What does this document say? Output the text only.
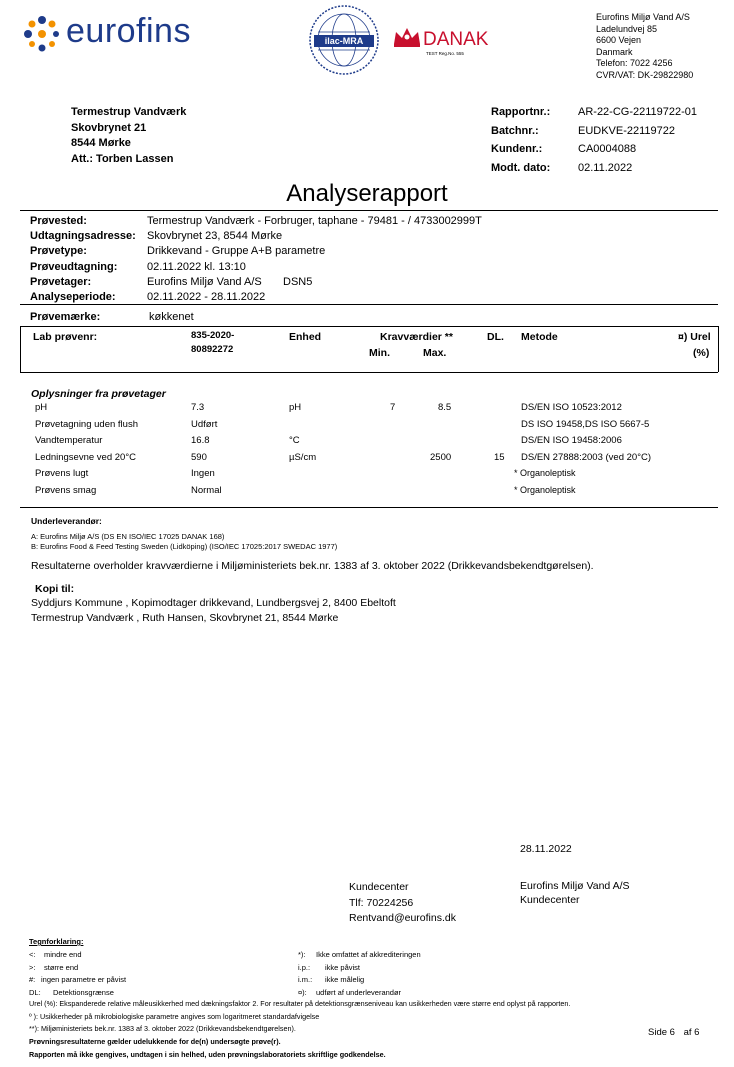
eurofins	ilac-MRA	DANAK
TEST Reg.No. 555
Eurofins Miljø Vand A/S
Ladelundvej 85
6600 Vejen
Danmark
Telefon: 7022 4256
CVR/VAT: DK-29822980
Termestrup Vandværk
Skovbrynet 21
8544 Mørke
Att.: Torben Lassen
Rapportnr.:	AR-22-CG-22119722-01
Batchnr.:	EUDKVE-22119722
Kundenr.:	CA0004088
Modt. dato:	02.11.2022
Analyserapport
Prøvested:	Termestrup Vandværk - Forbruger, taphane - 79481 - / 4733002999T
Udtagningsadresse: Skovbrynet 23, 8544 Mørke
Prøvetype:	Drikkevand - Gruppe A+B parametre
Prøveudtagning:	02.11.2022 kl. 13:10
Prøvetager:	Eurofins Miljø Vand A/S DSN5
Analyseperiode:	02.11.2022 - 28.11.2022
Prøvemærke:	køkkenet
Lab prøvenr:	835-2020-
80892272
Enhed	Kravværdier **
Min.	Max.
DL. Metode	¤) Urel
(%)
Oplysninger fra prøvetager
pH	7.3	pH	7	8.5	DS/EN ISO 10523:2012
Prøvetagning uden flush	Udført	DS ISO 19458,DS ISO 5667-5
Vandtemperatur	16.8	°C	DS/EN ISO 19458:2006
Ledningsevne ved 20°C	590	µS/cm	2500	15 DS/EN 27888:2003 (ved 20°C)
Prøvens lugt	Ingen	* Organoleptisk
Prøvens smag	Normal	* Organoleptisk
Underleverandør:
A: Eurofins Miljø A/S (DS EN ISO/IEC 17025 DANAK 168)
B: Eurofins Food & Feed Testing Sweden (Lidköping) (ISO/IEC 17025:2017 SWEDAC 1977)
Resultaterne overholder kravværdierne i Miljøministeriets bek.nr. 1383 af 3. oktober 2022 (Drikkevandsbekendtgørelsen).
Kopi til:
Syddjurs Kommune , Kopimodtager drikkevand, Lundbergsvej 2, 8400 Ebeltoft
Termestrup Vandværk , Ruth Hansen, Skovbrynet 21, 8544 Mørke
28.11.2022
Kundecenter
Tlf: 70224256
Rentvand@eurofins.dk
Eurofins Miljø Vand A/S
Kundecenter
Tegnforklaring:
<: mindre end
>: større end
#: ingen parametre er påvist
DL: Detektionsgrænse
*): Ikke omfattet af akkrediteringen
i.p.: ikke påvist
i.m.: ikke målelig
¤): udført af underleverandør
Urel (%): Ekspanderede relative måleusikkerhed med dækningsfaktor 2. For resultater på detektionsgrænseniveau kan usikkerheden være større end oplyst på rapporten.
º ): Usikkerheder på mikrobiologiske parametre angives som logaritmeret standardafvigelse
**): Miljøministeriets bek.nr. 1383 af 3. oktober 2022 (Drikkevandsbekendtgørelsen).
Prøvningsresultaterne gælder udelukkende for de(n) undersøgte prøve(r).
Rapporten må ikke gengives, undtagen i sin helhed, uden prøvningslaboratoriets skriftlige godkendelse.
Side 6 af 6
